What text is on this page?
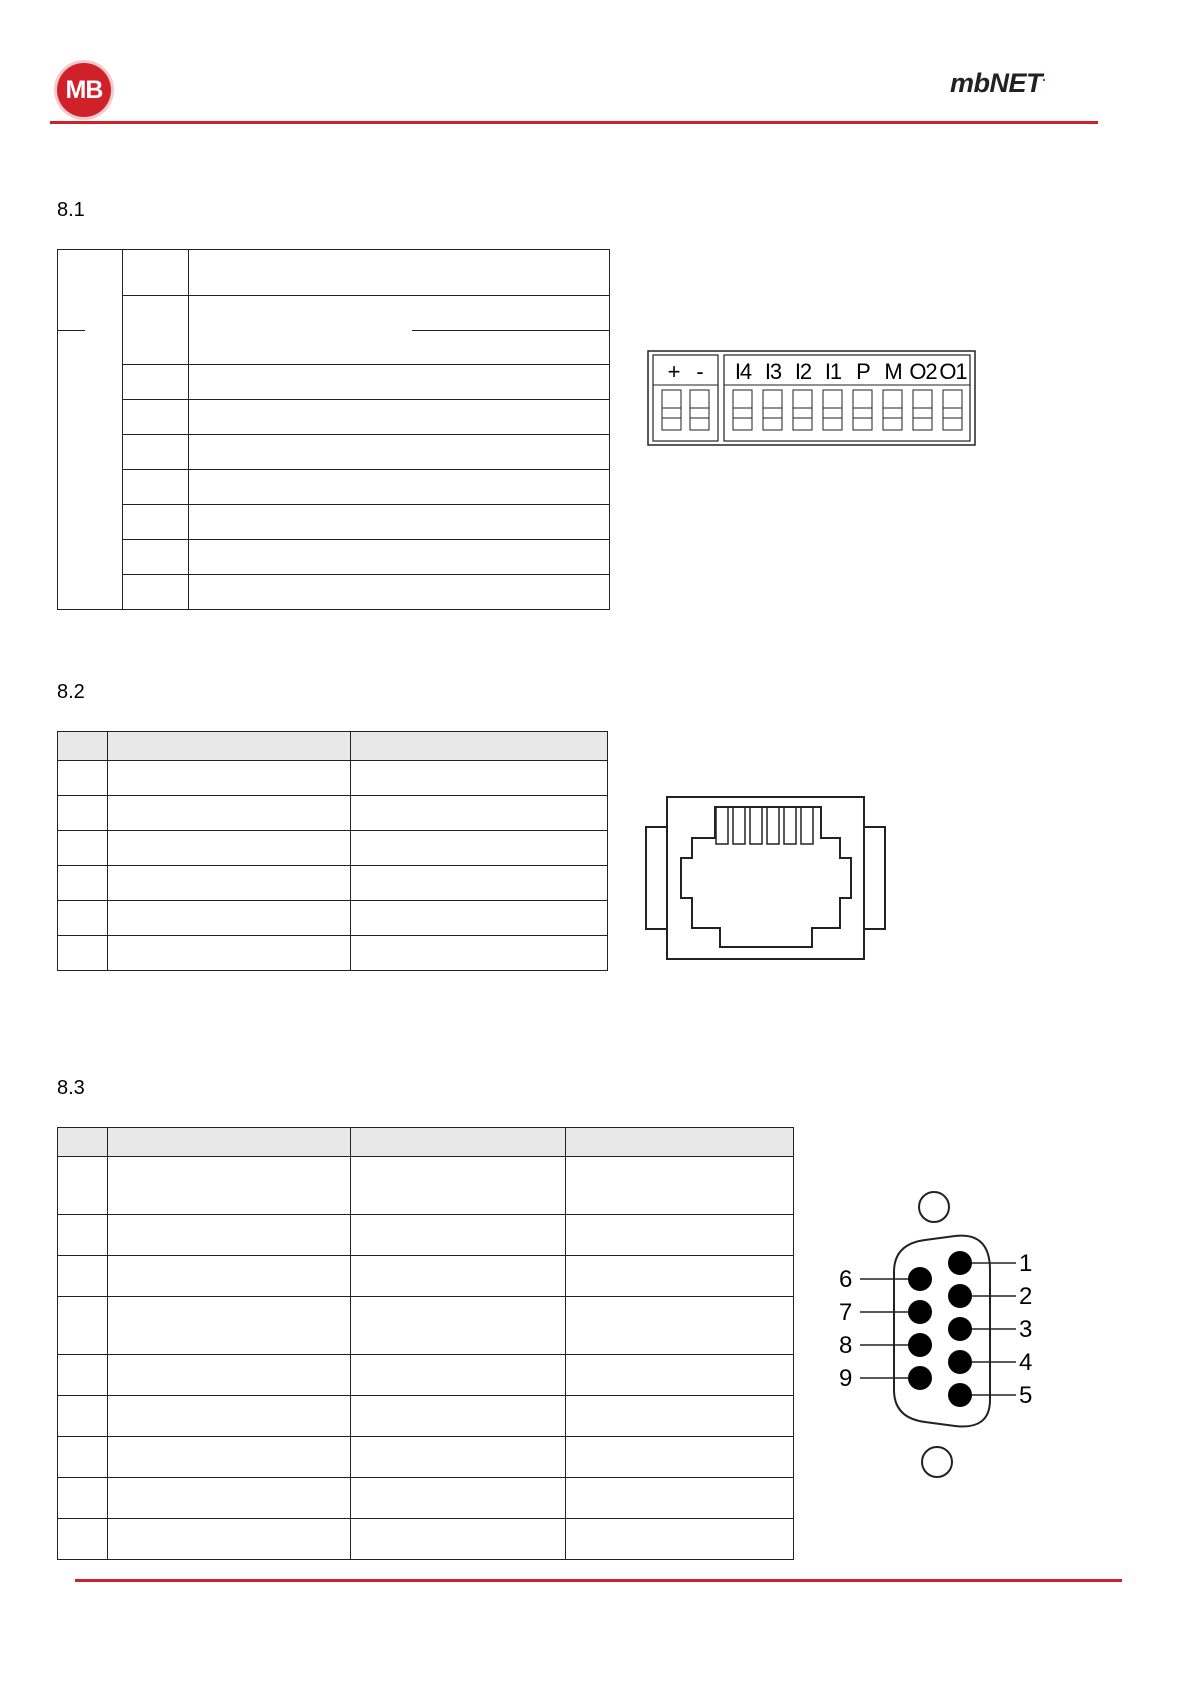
MB	mbNET.
8.1

+ - I4 I3 I2 I1 P M O2 O1
8.2

8.3

1
2
3
4
5
6
7
8
9
